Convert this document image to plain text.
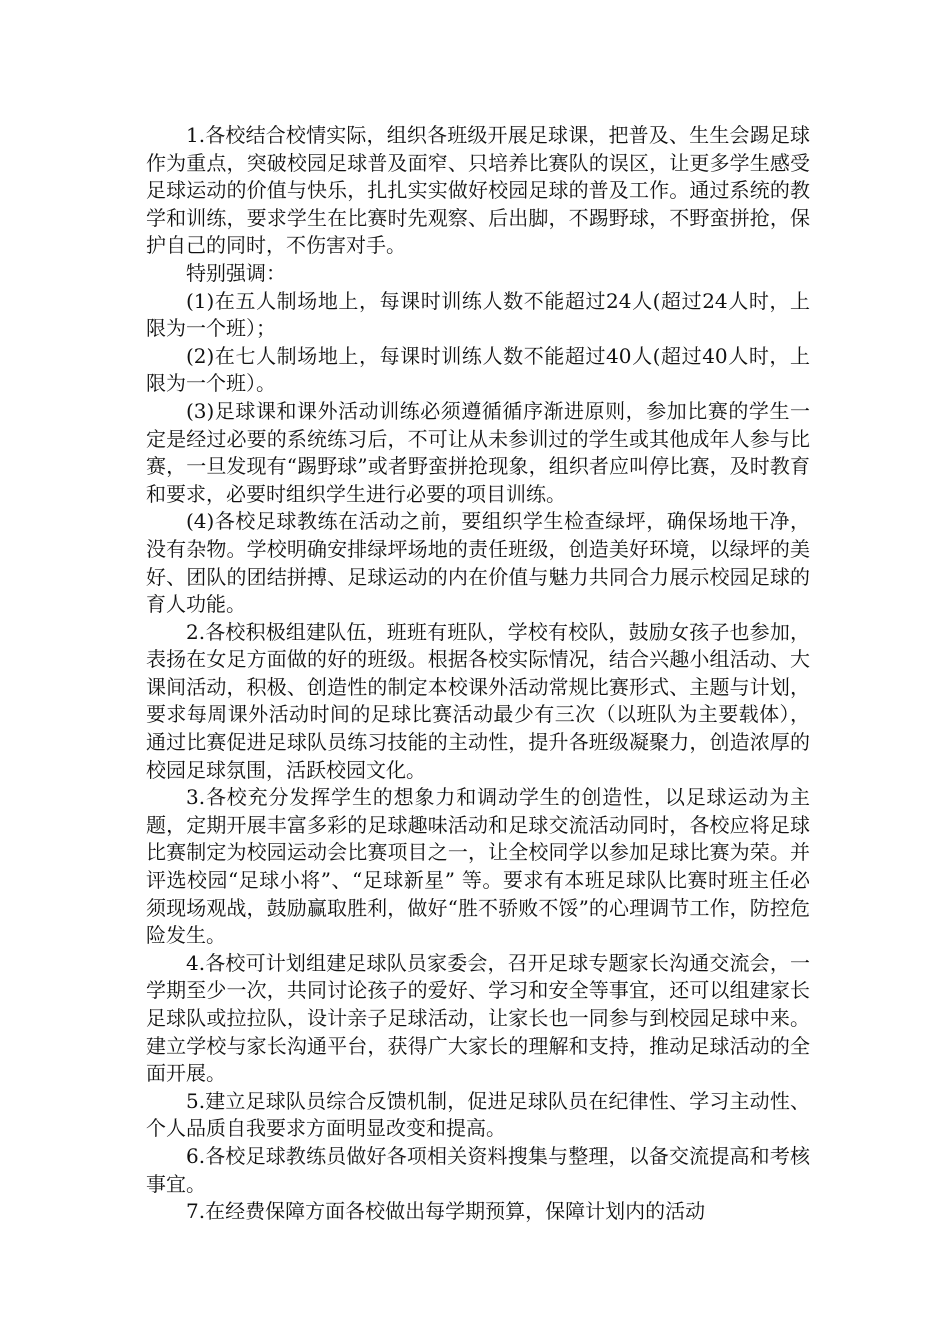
1.各校结合校情实际，组织各班级开展足球课，把普及、生生会踢足球作为重点，突破校园足球普及面窄、只培养比赛队的误区，让更多学生感受足球运动的价值与快乐，扎扎实实做好校园足球的普及工作。通过系统的教学和训练，要求学生在比赛时先观察、后出脚，不踢野球，不野蛮拼抢，保护自己的同时，不伤害对手。

特别强调：

(1)在五人制场地上，每课时训练人数不能超过24人(超过24人时，上限为一个班）；

(2)在七人制场地上，每课时训练人数不能超过40人(超过40人时，上限为一个班）。

(3)足球课和课外活动训练必须遵循循序渐进原则，参加比赛的学生一定是经过必要的系统练习后，不可让从未参训过的学生或其他成年人参与比赛，一旦发现有“踢野球”或者野蛮拼抢现象，组织者应叫停比赛，及时教育和要求，必要时组织学生进行必要的项目训练。

(4)各校足球教练在活动之前，要组织学生检查绿坪，确保场地干净，没有杂物。学校明确安排绿坪场地的责任班级，创造美好环境，以绿坪的美好、团队的团结拼搏、足球运动的内在价值与魅力共同合力展示校园足球的育人功能。

2.各校积极组建队伍，班班有班队，学校有校队，鼓励女孩子也参加，表扬在女足方面做的好的班级。根据各校实际情况，结合兴趣小组活动、大课间活动，积极、创造性的制定本校课外活动常规比赛形式、主题与计划，要求每周课外活动时间的足球比赛活动最少有三次（以班队为主要载体），通过比赛促进足球队员练习技能的主动性，提升各班级凝聚力，创造浓厚的校园足球氛围，活跃校园文化。

3.各校充分发挥学生的想象力和调动学生的创造性，以足球运动为主题，定期开展丰富多彩的足球趣味活动和足球交流活动同时，各校应将足球比赛制定为校园运动会比赛项目之一，让全校同学以参加足球比赛为荣。并评选校园“足球小将”、“足球新星” 等。要求有本班足球队比赛时班主任必须现场观战，鼓励赢取胜利，做好“胜不骄败不馁”的心理调节工作，防控危险发生。

4.各校可计划组建足球队员家委会，召开足球专题家长沟通交流会，一学期至少一次，共同讨论孩子的爱好、学习和安全等事宜，还可以组建家长足球队或拉拉队，设计亲子足球活动，让家长也一同参与到校园足球中来。建立学校与家长沟通平台，获得广大家长的理解和支持，推动足球活动的全面开展。

5.建立足球队员综合反馈机制，促进足球队员在纪律性、学习主动性、个人品质自我要求方面明显改变和提高。

6.各校足球教练员做好各项相关资料搜集与整理，以备交流提高和考核事宜。

7.在经费保障方面各校做出每学期预算，保障计划内的活动
